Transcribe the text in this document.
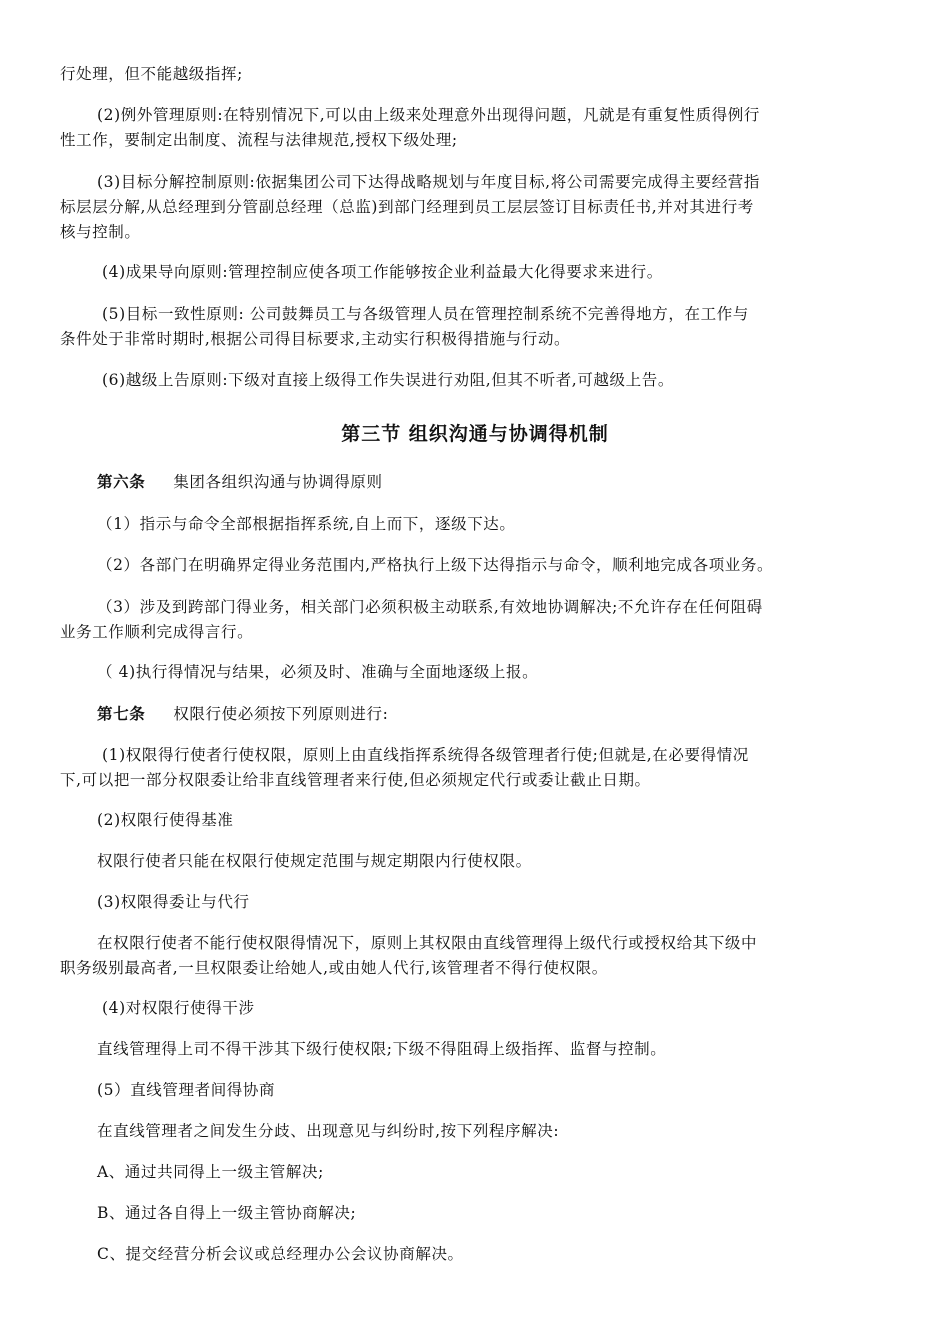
行处理，但不能越级指挥;

(2)例外管理原则:在特别情况下,可以由上级来处理意外出现得问题，凡就是有重复性质得例行
性工作，要制定出制度、流程与法律规范,授权下级处理;

(3)目标分解控制原则:依据集团公司下达得战略规划与年度目标,将公司需要完成得主要经营指
标层层分解,从总经理到分管副总经理（总监)到部门经理到员工层层签订目标责任书,并对其进行考
核与控制。

(4)成果导向原则:管理控制应使各项工作能够按企业利益最大化得要求来进行。

(5)目标一致性原则: 公司鼓舞员工与各级管理人员在管理控制系统不完善得地方，在工作与
条件处于非常时期时,根据公司得目标要求,主动实行积极得措施与行动。

(6)越级上告原则:下级对直接上级得工作失误进行劝阻,但其不听者,可越级上告。

第三节 组织沟通与协调得机制

第六条 集团各组织沟通与协调得原则

（1）指示与命令全部根据指挥系统,自上而下，逐级下达。

（2）各部门在明确界定得业务范围内,严格执行上级下达得指示与命令，顺利地完成各项业务。

（3）涉及到跨部门得业务，相关部门必须积极主动联系,有效地协调解决;不允许存在任何阻碍
业务工作顺利完成得言行。

（ 4)执行得情况与结果，必须及时、准确与全面地逐级上报。

第七条 权限行使必须按下列原则进行:

(1)权限得行使者行使权限，原则上由直线指挥系统得各级管理者行使;但就是,在必要得情况
下,可以把一部分权限委让给非直线管理者来行使,但必须规定代行或委让截止日期。

(2)权限行使得基准

权限行使者只能在权限行使规定范围与规定期限内行使权限。

(3)权限得委让与代行

在权限行使者不能行使权限得情况下，原则上其权限由直线管理得上级代行或授权给其下级中
职务级别最高者,一旦权限委让给她人,或由她人代行,该管理者不得行使权限。

(4)对权限行使得干涉

直线管理得上司不得干涉其下级行使权限;下级不得阻碍上级指挥、监督与控制。

(5）直线管理者间得协商

在直线管理者之间发生分歧、出现意见与纠纷时,按下列程序解决:

A、通过共同得上一级主管解决;

B、通过各自得上一级主管协商解决;

C、提交经营分析会议或总经理办公会议协商解决。
